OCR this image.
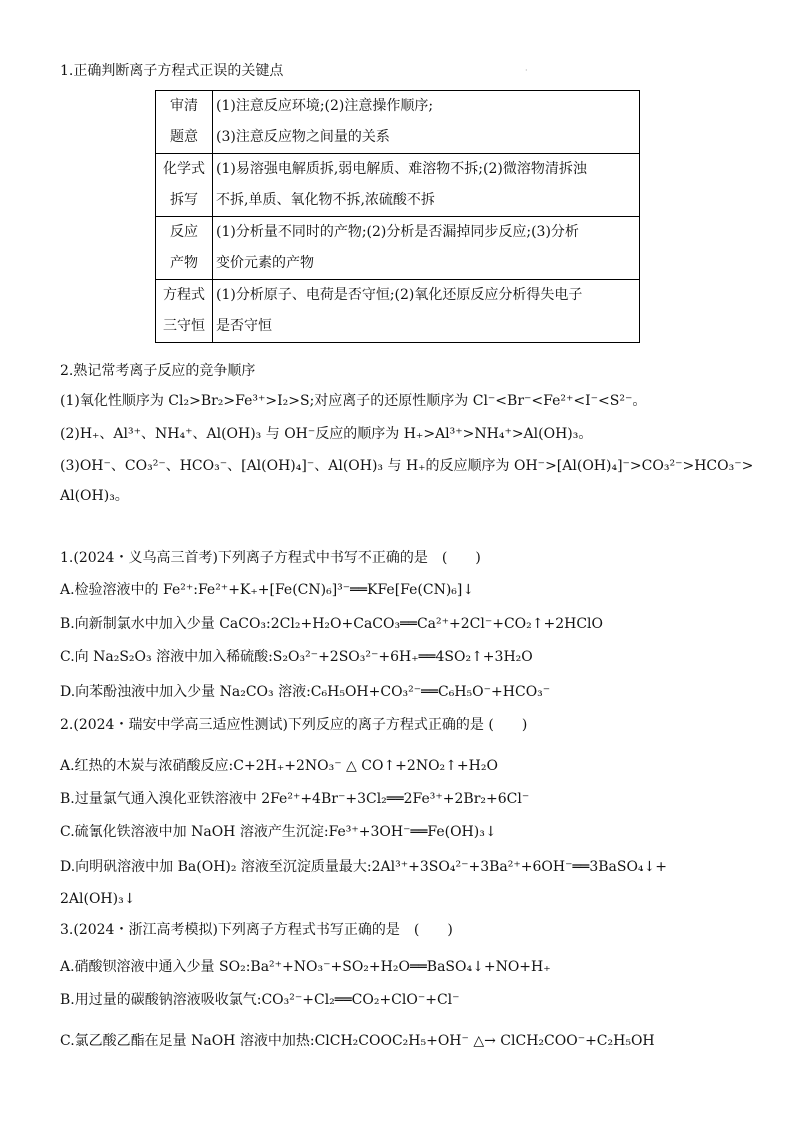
·
1.正确判断离子方程式正误的关键点
审清
题意	(1)注意反应环境;(2)注意操作顺序;
(3)注意反应物之间量的关系

化学式
拆写	(1)易溶强电解质拆,弱电解质、难溶物不拆;(2)微溶物清拆浊
不拆,单质、氧化物不拆,浓硫酸不拆

反应
产物	(1)分析量不同时的产物;(2)分析是否漏掉同步反应;(3)分析
变价元素的产物

方程式
三守恒	(1)分析原子、电荷是否守恒;(2)氧化还原反应分析得失电子
是否守恒
2.熟记常考离子反应的竞争顺序
(1)氧化性顺序为 Cl₂>Br₂>Fe³⁺>I₂>S;对应离子的还原性顺序为 Cl⁻<Br⁻<Fe²⁺<I⁻<S²⁻。
(2)H₊、Al³⁺、NH₄⁺、Al(OH)₃ 与 OH⁻反应的顺序为 H₊>Al³⁺>NH₄⁺>Al(OH)₃。
(3)OH⁻、CO₃²⁻、HCO₃⁻、[Al(OH)₄]⁻、Al(OH)₃ 与 H₊的反应顺序为 OH⁻>[Al(OH)₄]⁻>CO₃²⁻>HCO₃⁻>
Al(OH)₃。
1.(2024・义乌高三首考)下列离子方程式中书写不正确的是　(　　)
A.检验溶液中的 Fe²⁺:Fe²⁺+K₊+[Fe(CN)₆]³⁻══KFe[Fe(CN)₆]↓
B.向新制氯水中加入少量 CaCO₃:2Cl₂+H₂O+CaCO₃══Ca²⁺+2Cl⁻+CO₂↑+2HClO
C.向 Na₂S₂O₃ 溶液中加入稀硫酸:S₂O₃²⁻+2SO₃²⁻+6H₊══4SO₂↑+3H₂O
D.向苯酚浊液中加入少量 Na₂CO₃ 溶液:C₆H₅OH+CO₃²⁻══C₆H₅O⁻+HCO₃⁻
2.(2024・瑞安中学高三适应性测试)下列反应的离子方程式正确的是 (　　)
A.红热的木炭与浓硝酸反应:C+2H₊+2NO₃⁻ △ CO↑+2NO₂↑+H₂O
B.过量氯气通入溴化亚铁溶液中 2Fe²⁺+4Br⁻+3Cl₂══2Fe³⁺+2Br₂+6Cl⁻
C.硫氰化铁溶液中加 NaOH 溶液产生沉淀:Fe³⁺+3OH⁻══Fe(OH)₃↓
D.向明矾溶液中加 Ba(OH)₂ 溶液至沉淀质量最大:2Al³⁺+3SO₄²⁻+3Ba²⁺+6OH⁻══3BaSO₄↓+
2Al(OH)₃↓
3.(2024・浙江高考模拟)下列离子方程式书写正确的是　(　　)
A.硝酸钡溶液中通入少量 SO₂:Ba²⁺+NO₃⁻+SO₂+H₂O══BaSO₄↓+NO+H₊
B.用过量的碳酸钠溶液吸收氯气:CO₃²⁻+Cl₂══CO₂+ClO⁻+Cl⁻
C.氯乙酸乙酯在足量 NaOH 溶液中加热:ClCH₂COOC₂H₅+OH⁻ △→ ClCH₂COO⁻+C₂H₅OH
